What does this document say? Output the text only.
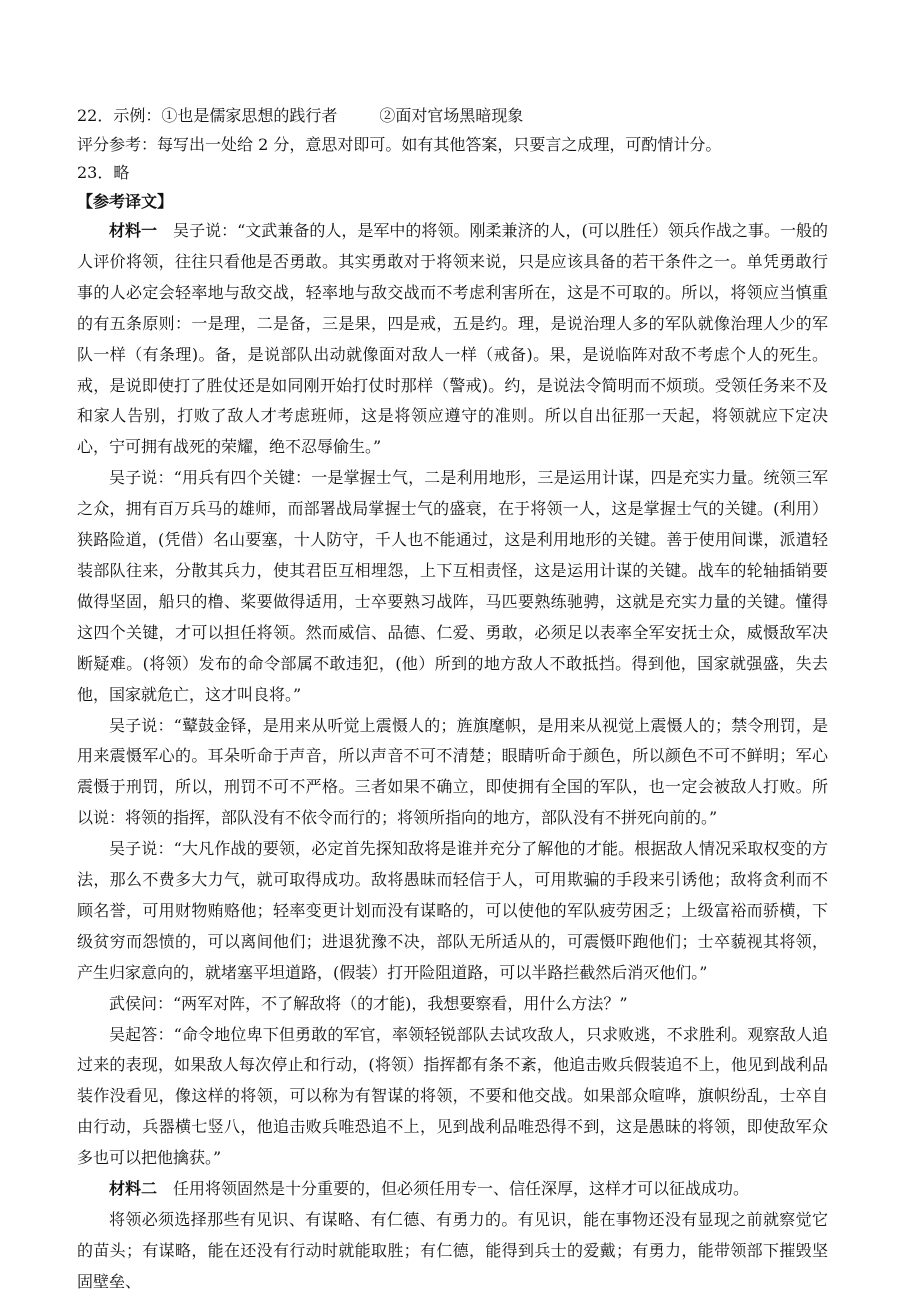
22．示例：①也是儒家思想的践行者	②面对官场黑暗现象

评分参考：每写出一处给 2 分，意思对即可。如有其他答案，只要言之成理，可酌情计分。

23．略

【参考译文】

材料一　吴子说：“文武兼备的人，是军中的将领。刚柔兼济的人，(可以胜任）领兵作战之事。一般的人评价将领，往往只看他是否勇敢。其实勇敢对于将领来说，只是应该具备的若干条件之一。单凭勇敢行事的人必定会轻率地与敌交战，轻率地与敌交战而不考虑利害所在，这是不可取的。所以，将领应当慎重的有五条原则：一是理，二是备，三是果，四是戒，五是约。理，是说治理人多的军队就像治理人少的军队一样（有条理)。备，是说部队出动就像面对敌人一样（戒备)。果，是说临阵对敌不考虑个人的死生。戒，是说即使打了胜仗还是如同刚开始打仗时那样（警戒)。约，是说法令简明而不烦琐。受领任务来不及和家人告别，打败了敌人才考虑班师，这是将领应遵守的准则。所以自出征那一天起，将领就应下定决心，宁可拥有战死的荣耀，绝不忍辱偷生。”

吴子说：“用兵有四个关键：一是掌握士气，二是利用地形，三是运用计谋，四是充实力量。统领三军之众，拥有百万兵马的雄师，而部署战局掌握士气的盛衰，在于将领一人，这是掌握士气的关键。(利用）狭路险道，(凭借）名山要塞，十人防守，千人也不能通过，这是利用地形的关键。善于使用间谍，派遣轻装部队往来，分散其兵力，使其君臣互相埋怨，上下互相责怪，这是运用计谋的关键。战车的轮轴插销要做得坚固，船只的橹、桨要做得适用，士卒要熟习战阵，马匹要熟练驰骋，这就是充实力量的关键。懂得这四个关键，才可以担任将领。然而威信、品德、仁爱、勇敢，必须足以表率全军安抚士众，威慑敌军决断疑难。(将领）发布的命令部属不敢违犯，(他）所到的地方敌人不敢抵挡。得到他，国家就强盛，失去他，国家就危亡，这才叫良将。”

吴子说：“鼙鼓金铎，是用来从听觉上震慑人的；旌旗麾帜，是用来从视觉上震慑人的；禁令刑罚，是用来震慑军心的。耳朵听命于声音，所以声音不可不清楚；眼睛听命于颜色，所以颜色不可不鲜明；军心震慑于刑罚，所以，刑罚不可不严格。三者如果不确立，即使拥有全国的军队，也一定会被敌人打败。所以说：将领的指挥，部队没有不依令而行的；将领所指向的地方，部队没有不拼死向前的。”

吴子说：“大凡作战的要领，必定首先探知敌将是谁并充分了解他的才能。根据敌人情况采取权变的方法，那么不费多大力气，就可取得成功。敌将愚昧而轻信于人，可用欺骗的手段来引诱他；敌将贪利而不顾名誉，可用财物贿赂他；轻率变更计划而没有谋略的，可以使他的军队疲劳困乏；上级富裕而骄横，下级贫穷而怨愤的，可以离间他们；进退犹豫不决，部队无所适从的，可震慑吓跑他们；士卒藐视其将领，产生归家意向的，就堵塞平坦道路，(假装）打开险阻道路，可以半路拦截然后消灭他们。”

武侯问：“两军对阵，不了解敌将（的才能)，我想要察看，用什么方法？”

吴起答：“命令地位卑下但勇敢的军官，率领轻锐部队去试攻敌人，只求败逃，不求胜利。观察敌人追过来的表现，如果敌人每次停止和行动，(将领）指挥都有条不紊，他追击败兵假装追不上，他见到战利品装作没看见，像这样的将领，可以称为有智谋的将领，不要和他交战。如果部众喧哗，旗帜纷乱，士卒自由行动，兵器横七竖八，他追击败兵唯恐追不上，见到战利品唯恐得不到，这是愚昧的将领，即使敌军众多也可以把他擒获。”

材料二　任用将领固然是十分重要的，但必须任用专一、信任深厚，这样才可以征战成功。

将领必须选择那些有见识、有谋略、有仁德、有勇力的。有见识，能在事物还没有显现之前就察觉它的苗头；有谋略，能在还没有行动时就能取胜；有仁德，能得到兵士的爱戴；有勇力，能带领部下摧毁坚固壁垒、
